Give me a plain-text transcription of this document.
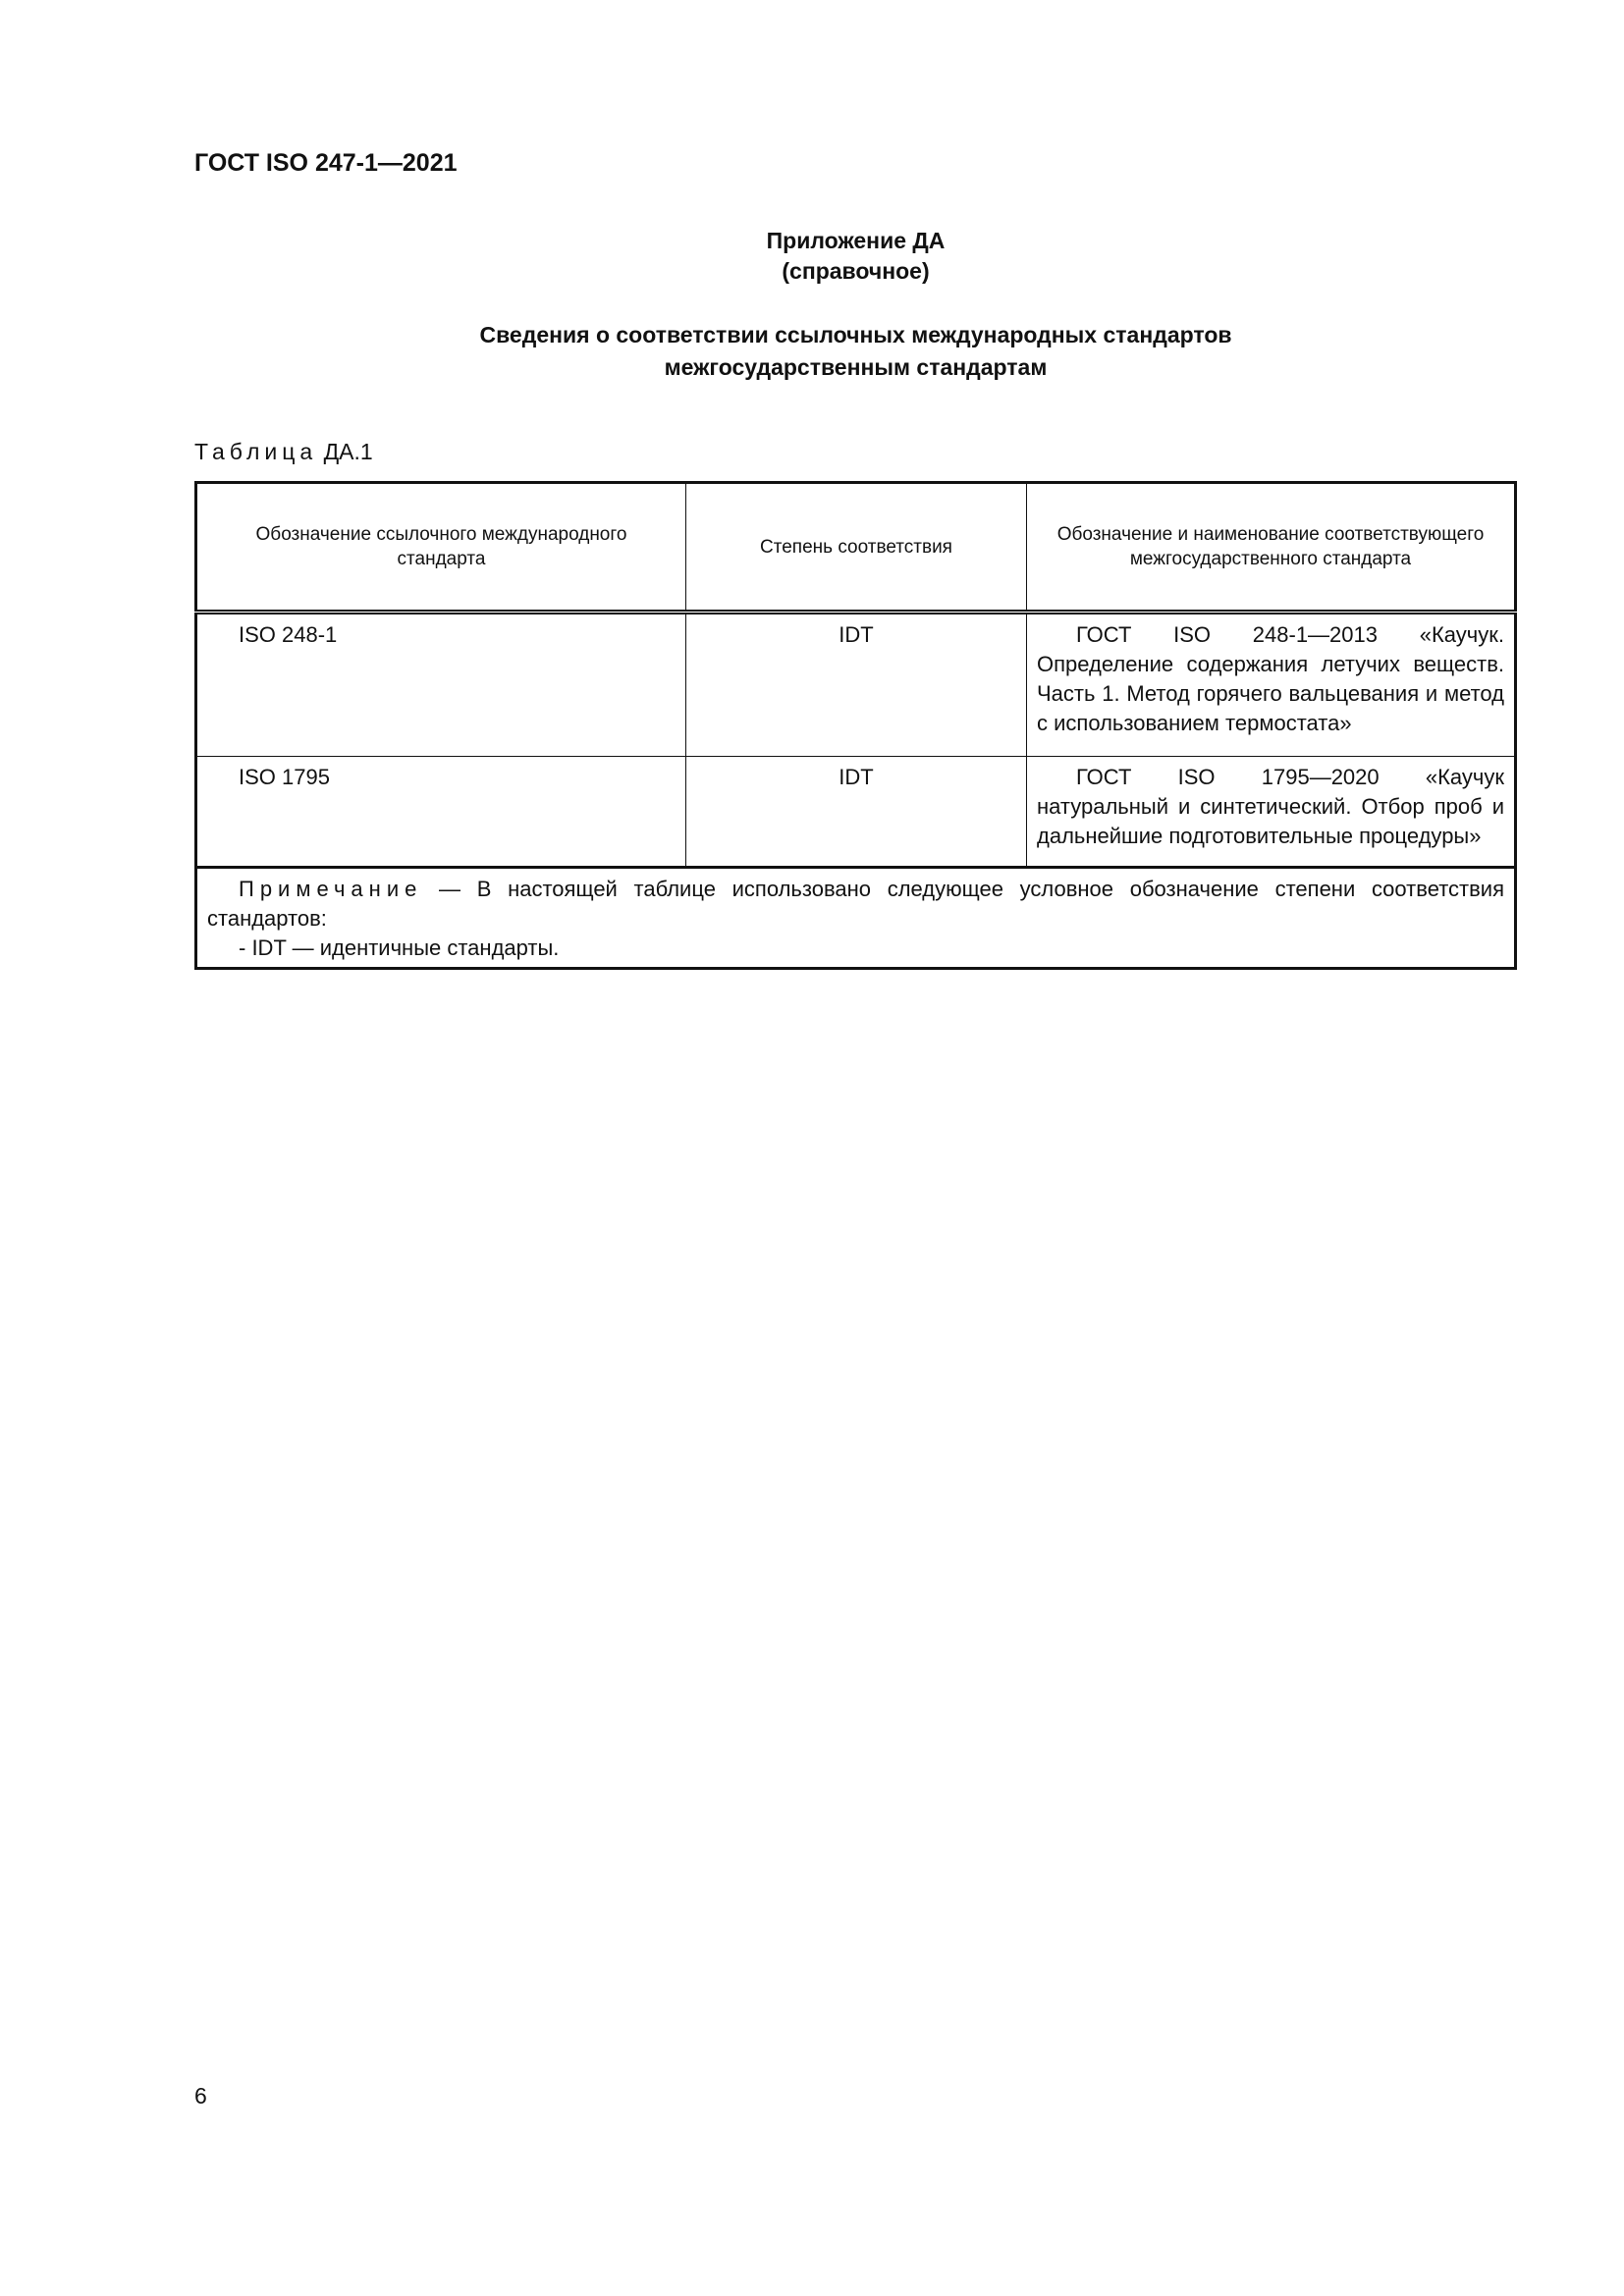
ГОСТ ISO 247-1—2021
Приложение ДА
(справочное)
Сведения о соответствии ссылочных международных стандартов
межгосударственным стандартам
Таблица ДА.1
Обозначение ссылочного международного стандарта	Степень соответствия	Обозначение и наименование соответствующего межгосударственного стандарта
ISO 248-1	IDT	ГОСТ ISO 248-1—2013 «Каучук. Определение содержания летучих веществ. Часть 1. Метод горячего вальцевания и метод с использованием термостата»
ISO 1795	IDT	ГОСТ ISO 1795—2020 «Каучук натуральный и синтетический. Отбор проб и дальнейшие подготовительные процедуры»
Примечание — В настоящей таблице использовано следующее условное обозначение степени соответствия стандартов:
- IDT — идентичные стандарты.		
6
